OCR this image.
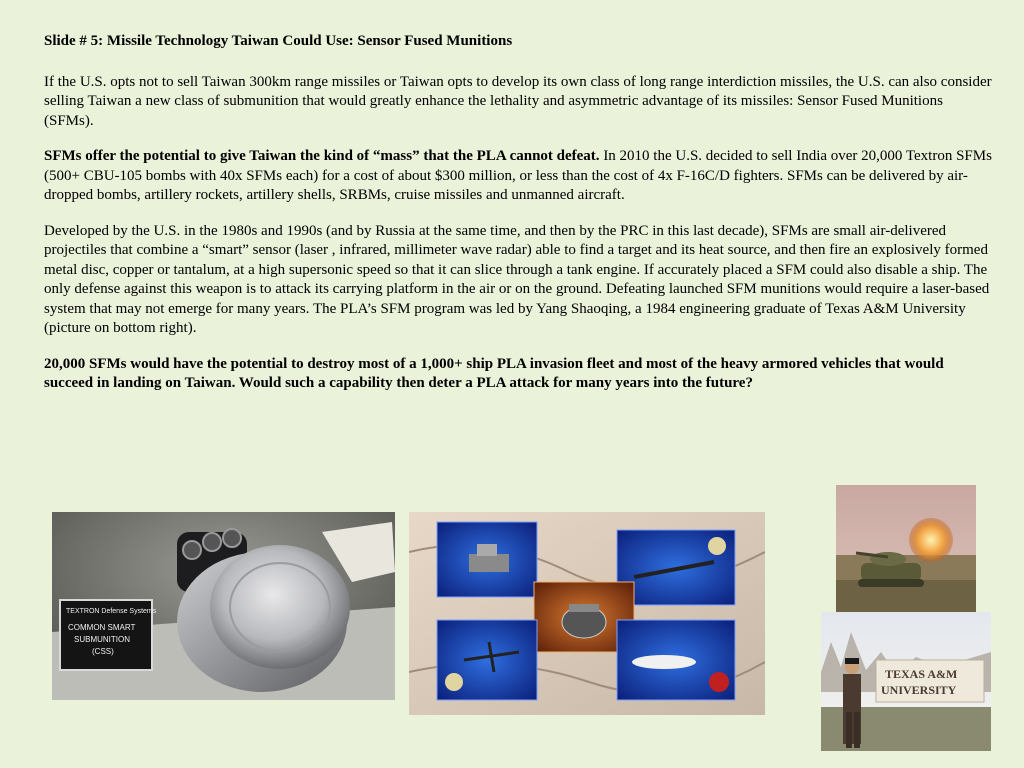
Slide # 5: Missile Technology Taiwan Could Use: Sensor Fused Munitions

If the U.S. opts not to sell Taiwan 300km range missiles or Taiwan opts to develop its own class of long range interdiction missiles, the U.S. can also consider selling Taiwan a new class of submunition that would greatly enhance the lethality and asymmetric advantage of its missiles: Sensor Fused Munitions (SFMs).

SFMs offer the potential to give Taiwan the kind of “mass” that the PLA cannot defeat. In 2010 the U.S. decided to sell India over 20,000 Textron SFMs (500+ CBU-105 bombs with 40x SFMs each) for a cost of about $300 million, or less than the cost of 4x F-16C/D fighters. SFMs can be delivered by air-dropped bombs, artillery rockets, artillery shells, SRBMs, cruise missiles and unmanned aircraft.

Developed by the U.S. in the 1980s and 1990s (and by Russia at the same time, and then by the PRC in this last decade), SFMs are small air-delivered projectiles that combine a “smart” sensor (laser , infrared, millimeter wave radar) able to find a target and its heat source, and then fire an explosively formed metal disc, copper or tantalum, at a high supersonic speed so that it can slice through a tank engine. If accurately placed a SFM could also disable a ship. The only defense against this weapon is to attack its carrying platform in the air or on the ground. Defeating launched SFM munitions would require a laser-based system that may not emerge for many years. The PLA’s SFM program was led by Yang Shaoqing, a 1984 engineering graduate of Texas A&M University (picture on bottom right).

20,000 SFMs would have the potential to destroy most of a 1,000+ ship PLA invasion fleet and most of the heavy armored vehicles that would succeed in landing on Taiwan. Would such a capability then deter a PLA attack for many years into the future?

TEXTRON Defense Systems
COMMON SMART
SUBMUNITION
(CSS)
TEXAS A&M
UNIVERSITY
